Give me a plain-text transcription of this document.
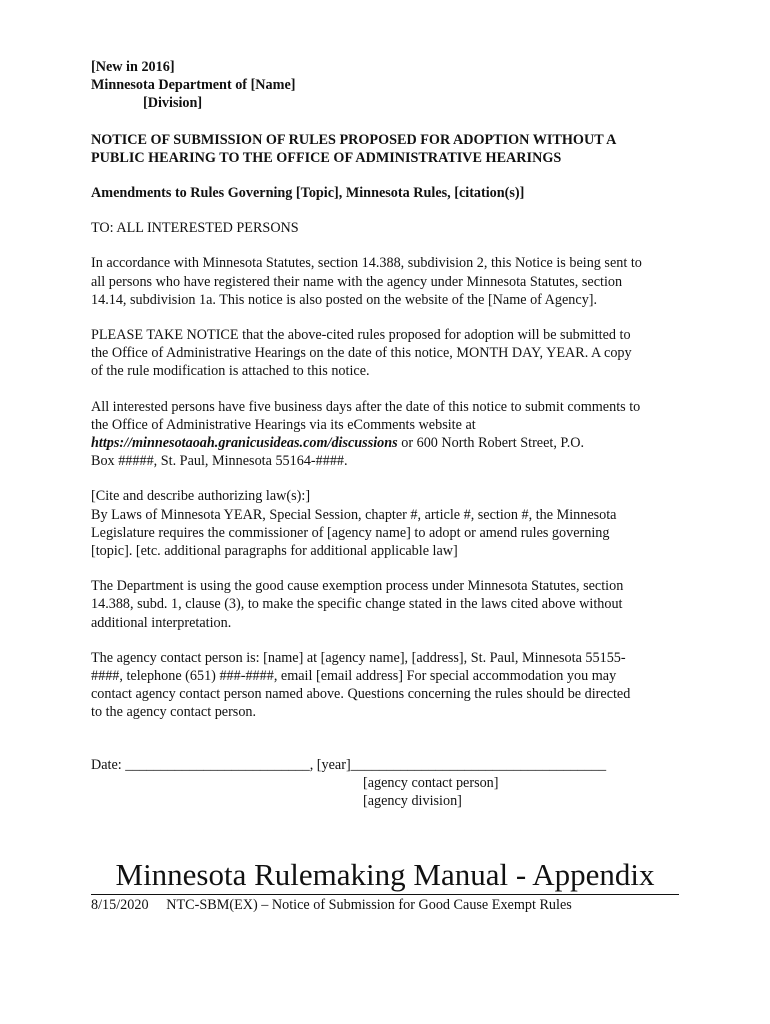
[New in 2016]
Minnesota Department of [Name]
[Division]
NOTICE OF SUBMISSION OF RULES PROPOSED FOR ADOPTION WITHOUT A
PUBLIC HEARING TO THE OFFICE OF ADMINISTRATIVE HEARINGS
Amendments to Rules Governing [Topic], Minnesota Rules, [citation(s)]
TO: ALL INTERESTED PERSONS
In accordance with Minnesota Statutes, section 14.388, subdivision 2, this Notice is being sent to
all persons who have registered their name with the agency under Minnesota Statutes, section
14.14, subdivision 1a. This notice is also posted on the website of the [Name of Agency].
PLEASE TAKE NOTICE that the above-cited rules proposed for adoption will be submitted to
the Office of Administrative Hearings on the date of this notice, MONTH DAY, YEAR. A copy
of the rule modification is attached to this notice.
All interested persons have five business days after the date of this notice to submit comments to
the Office of Administrative Hearings via its eComments website at
https://minnesotaoah.granicusideas.com/discussions or 600 North Robert Street, P.O.
Box #####, St. Paul, Minnesota 55164-####.
[Cite and describe authorizing law(s):]
By Laws of Minnesota YEAR, Special Session, chapter #, article #, section #, the Minnesota
Legislature requires the commissioner of [agency name] to adopt or amend rules governing
[topic]. [etc. additional paragraphs for additional applicable law]
The Department is using the good cause exemption process under Minnesota Statutes, section
14.388, subd. 1, clause (3), to make the specific change stated in the laws cited above without
additional interpretation.
The agency contact person is: [name] at [agency name], [address], St. Paul, Minnesota 55155-
####, telephone (651) ###-####, email [email address] For special accommodation you may
contact agency contact person named above. Questions concerning the rules should be directed
to the agency contact person.
Date: __________________________, [year]____________________________________
[agency contact person]
[agency division]
Minnesota Rulemaking Manual - Appendix
8/15/2020     NTC-SBM(EX) – Notice of Submission for Good Cause Exempt Rules
